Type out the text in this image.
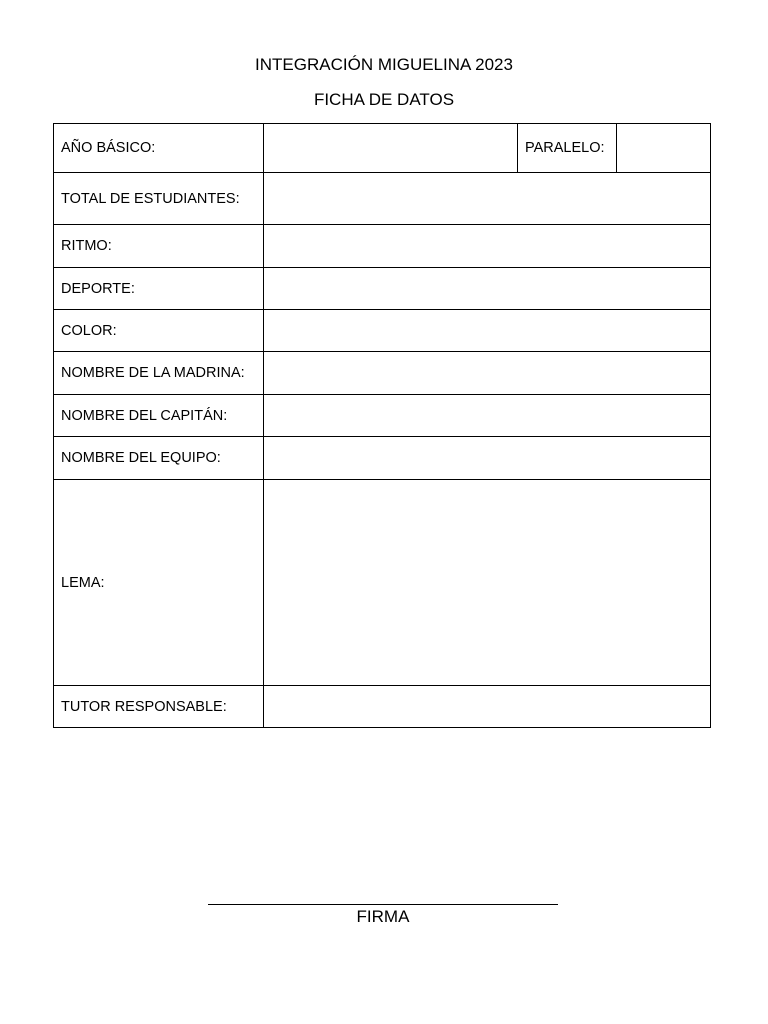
INTEGRACIÓN MIGUELINA 2023
FICHA DE DATOS
AÑO BÁSICO:		PARALELO:	
TOTAL DE ESTUDIANTES:			
RITMO:			
DEPORTE:			
COLOR:			
NOMBRE DE LA MADRINA:			
NOMBRE DEL CAPITÁN:			
NOMBRE DEL EQUIPO:			
LEMA:			
TUTOR RESPONSABLE:			
FIRMA
